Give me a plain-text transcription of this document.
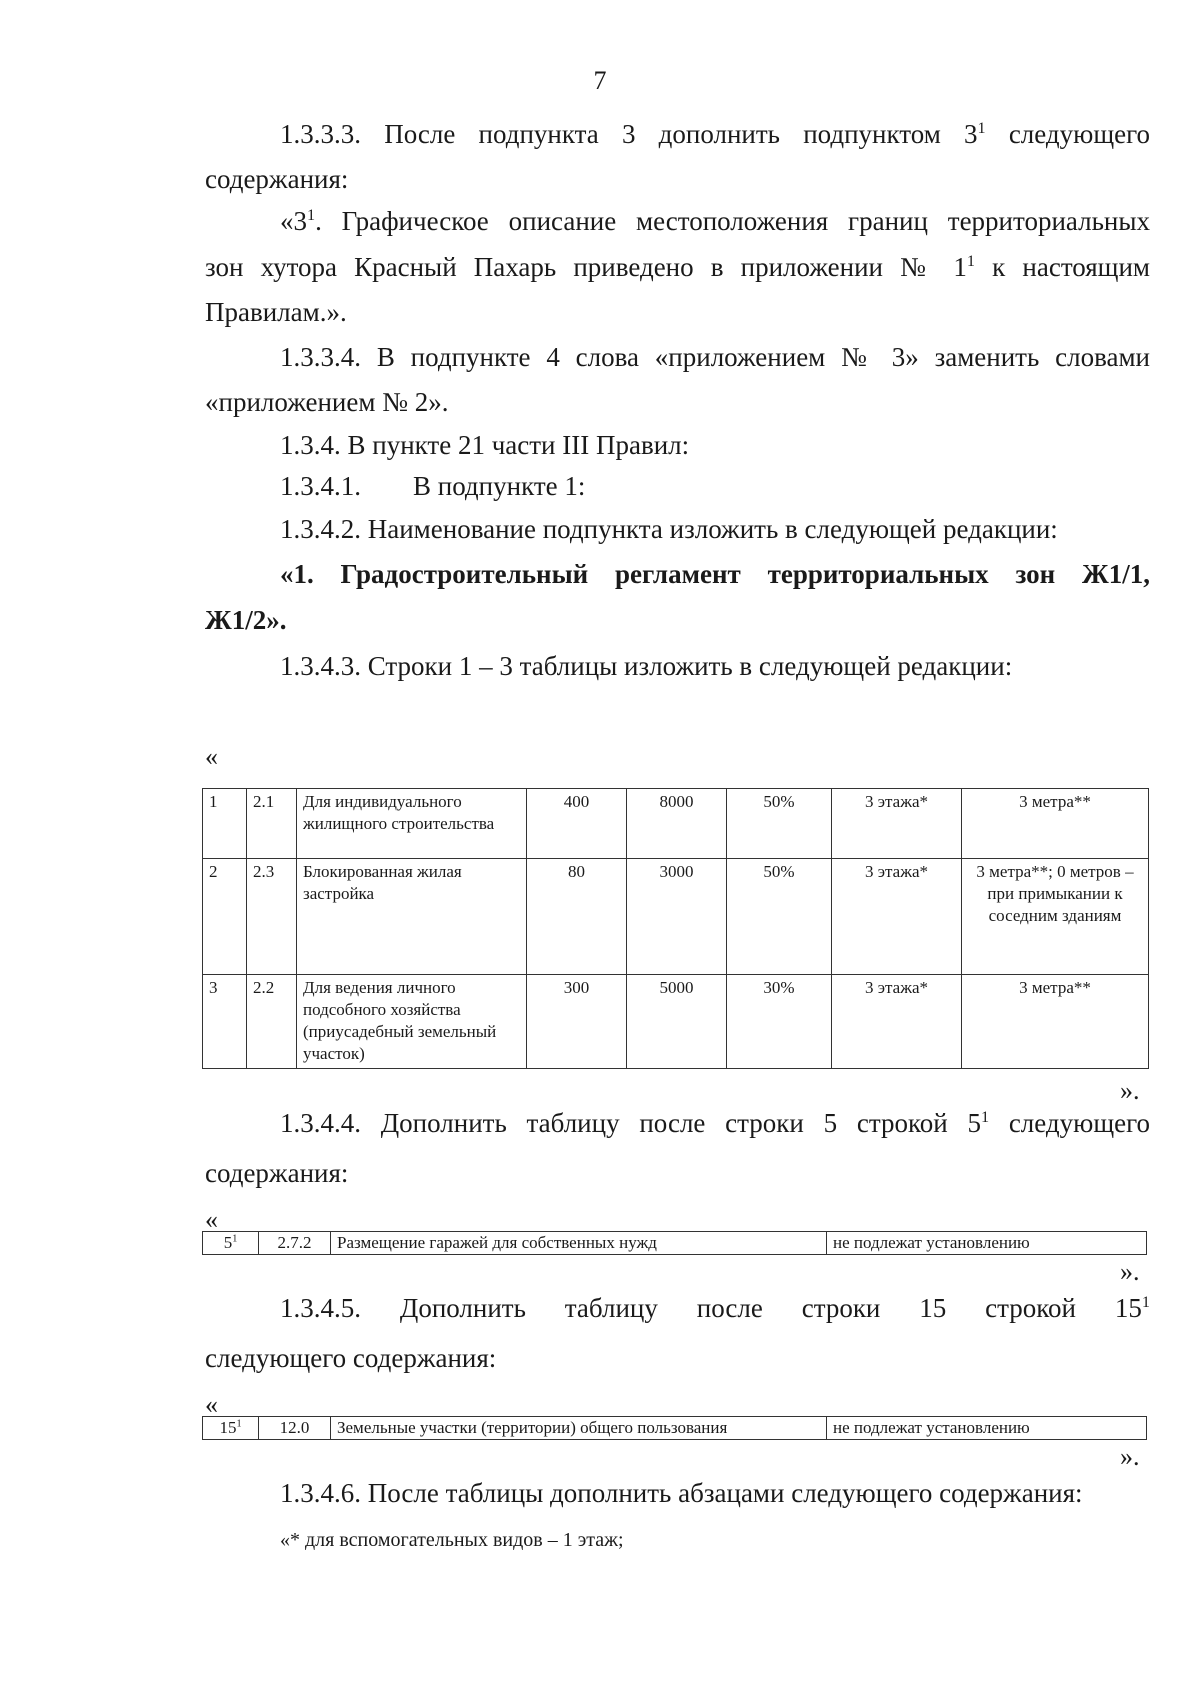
7

1.3.3.3. После подпункта 3 дополнить подпунктом $3^1$ следующего

содержания:

«$3^1$. Графическое описание местоположения границ территориальных

зон хутора Красный Пахарь приведено в приложении № $1^1$ к настоящим

Правилам.».

1.3.3.4. В подпункте 4 слова «приложением № 3» заменить словами

«приложением № 2».

1.3.4. В пункте 21 части III Правил:

1.3.4.1. В подпункте 1:

1.3.4.2. Наименование подпункта изложить в следующей редакции:

«1. Градостроительный регламент территориальных зон Ж1/1,

Ж1/2».

1.3.4.3. Строки 1 – 3 таблицы изложить в следующей редакции:

«
1	2.1	Для индивидуального жилищного строительства	400	8000	50%	3 этажа*	3 метра**
2	2.3	Блокированная жилая застройка	80	3000	50%	3 этажа*	3 метра**; 0 метров – при примыкании к соседним зданиям
3	2.2	Для ведения личного подсобного хозяйства (приусадебный земельный участок)	300	5000	30%	3 этажа*	3 метра**
».

1.3.4.4. Дополнить таблицу после строки 5 строкой $5^1$ следующего

содержания:

«
$5^1$	2.7.2	Размещение гаражей для собственных нужд	не подлежат установлению
».

1.3.4.5. Дополнить таблицу после строки 15 строкой $15^1$

следующего содержания:

«
$15^1$	12.0	Земельные участки (территории) общего пользования	не подлежат установлению
».

1.3.4.6. После таблицы дополнить абзацами следующего содержания:

«* для вспомогательных видов – 1 этаж;
